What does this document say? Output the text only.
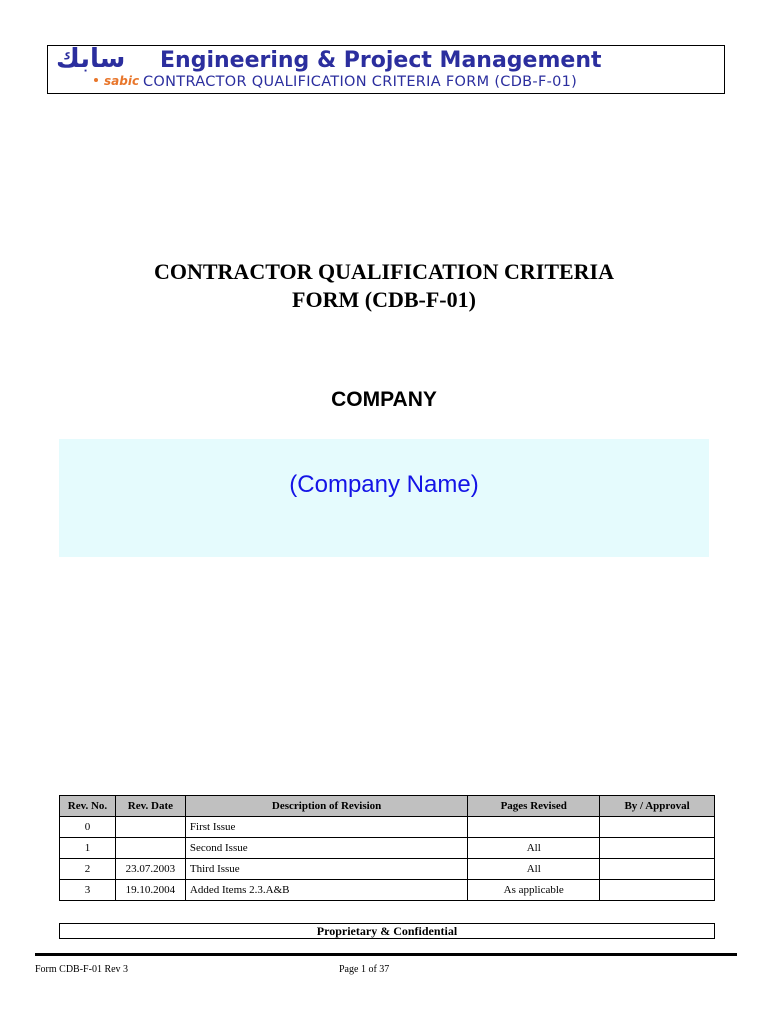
سابك
sabic
Engineering & Project Management
CONTRACTOR QUALIFICATION CRITERIA FORM (CDB-F-01)
CONTRACTOR QUALIFICATION CRITERIA
FORM (CDB-F-01)
COMPANY
(Company Name)
Rev. No.	Rev. Date	Description of Revision	Pages Revised	By / Approval
0		First Issue		
1		Second Issue	All	
2	23.07.2003	Third Issue	All	
3	19.10.2004	Added Items 2.3.A&B	As applicable	
Proprietary & Confidential
Form CDB-F-01 Rev 3	Page 1 of 37
